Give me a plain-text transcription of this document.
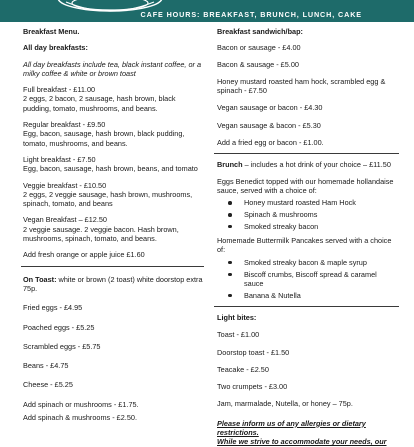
CAFE HOURS: BREAKFAST, BRUNCH, LUNCH, CAKE

Breakfast Menu.

All day breakfasts:

All day breakfasts include tea, black instant coffee, or a milky coffee & white or brown toast

Full breakfast - £11.00

2 eggs, 2 bacon, 2 sausage, hash brown, black pudding, tomato, mushrooms, and beans.

Regular breakfast - £9.50

Egg, bacon, sausage, hash brown, black pudding, tomato, mushrooms, and beans.

Light breakfast - £7.50

Egg, bacon, sausage, hash brown, beans, and tomato

Veggie breakfast - £10.50

2 eggs, 2 veggie sausage, hash brown, mushrooms, spinach, tomato, and beans

Vegan Breakfast – £12.50

2 veggie sausage. 2 veggie bacon. Hash brown, mushrooms, spinach, tomato, and beans.

Add fresh orange or apple juice £1.60

On Toast: white or brown (2 toast) white doorstop extra 75p.

Fried eggs - £4.95

Poached eggs - £5.25

Scrambled eggs - £5.75

Beans - £4.75

Cheese - £5.25

Add spinach or mushrooms - £1.75.

Add spinach & mushrooms - £2.50.

Breakfast sandwich/bap:

Bacon or sausage - £4.00

Bacon & sausage - £5.00

Honey mustard roasted ham hock, scrambled egg & spinach - £7.50

Vegan sausage or bacon - £4.30

Vegan sausage & bacon - £5.30

Add a fried egg or bacon - £1.00.

Brunch – includes a hot drink of your choice – £11.50

Eggs Benedict topped with our homemade hollandaise sauce, served with a choice of:

Honey mustard roasted Ham Hock
Spinach & mushrooms
Smoked streaky bacon

Homemade Buttermilk Pancakes served with a choice of:

Smoked streaky bacon & maple syrup
Biscoff crumbs, Biscoff spread & caramel sauce
Banana & Nutella

Light bites:

Toast - £1.00

Doorstop toast - £1.50

Teacake - £2.50

Two crumpets - £3.00

Jam, marmalade, Nutella, or honey – 75p.

Please inform us of any allergies or dietary restrictions.

While we strive to accommodate your needs, our
